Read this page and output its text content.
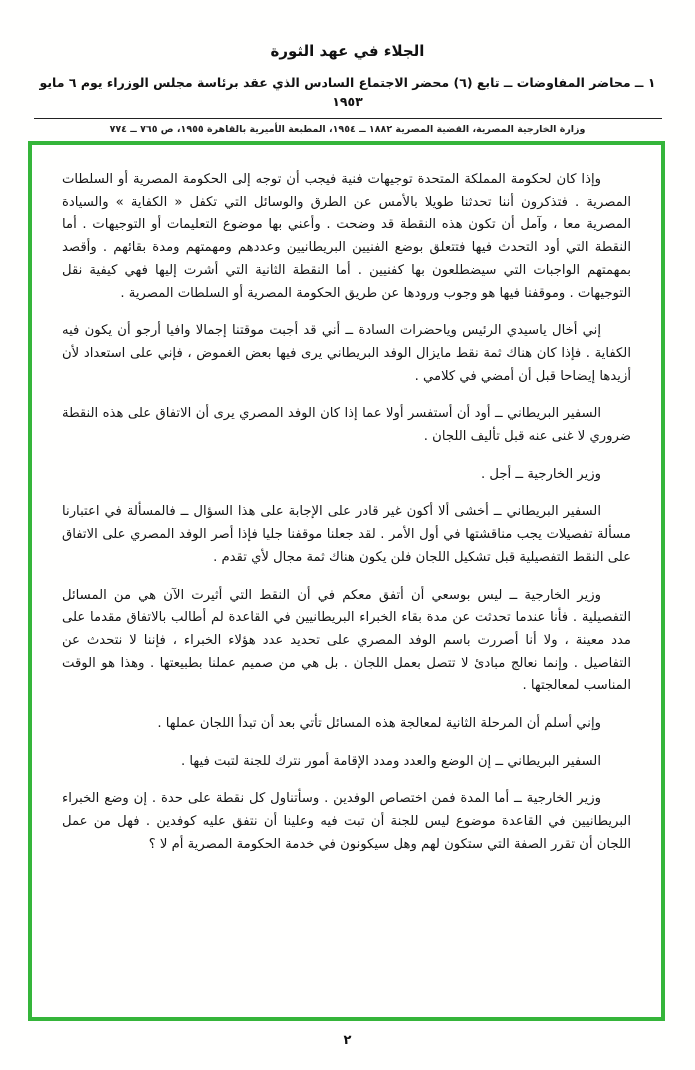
الجلاء في عهد الثورة
١ ــ محاضر المفاوضات ــ تابع (٦) محضر الاجتماع السادس الذي عقد برئاسة مجلس الوزراء يوم ٦ مايو ١٩٥٣
وزارة الخارجية المصرية، القضية المصرية ١٨٨٢ ــ ١٩٥٤، المطبعة الأميرية بالقاهرة ١٩٥٥، ص ٧٦٥ ــ ٧٧٤

وإذا كان لحكومة المملكة المتحدة توجيهات فنية فيجب أن توجه إلى الحكومة المصرية أو السلطات المصرية . فتذكرون أننا تحدثنا طويلا بالأمس عن الطرق والوسائل التي تكفل « الكفاية » والسيادة المصرية معا ، وآمل أن تكون هذه النقطة قد وضحت . وأعني بها موضوع التعليمات أو التوجيهات . أما النقطة التي أود التحدث فيها فتتعلق بوضع الفنيين البريطانيين وعددهم ومهمتهم ومدة بقائهم . وأقصد بمهمتهم الواجبات التي سيضطلعون بها كفنيين . أما النقطة الثانية التي أشرت إليها فهي كيفية نقل التوجيهات . وموقفنا فيها هو وجوب ورودها عن طريق الحكومة المصرية أو السلطات المصرية .

إني أخال ياسيدي الرئيس وياحضرات السادة ــ أني قد أجبت موقتنا إجمالا وافيا أرجو أن يكون فيه الكفاية . فإذا كان هناك ثمة نقط مايزال الوفد البريطاني يرى فيها بعض الغموض ، فإني على استعداد لأن أزيدها إيضاحا قبل أن أمضي في كلامي .

السفير البريطاني ــ أود أن أستفسر أولا عما إذا كان الوفد المصري يرى أن الاتفاق على هذه النقطة ضروري لا غنى عنه قبل تأليف اللجان .

وزير الخارجية ــ أجل .

السفير البريطاني ــ أخشى ألا أكون غير قادر على الإجابة على هذا السؤال ــ فالمسألة في اعتبارنا مسألة تفصيلات يجب مناقشتها في أول الأمر . لقد جعلنا موقفنا جليا فإذا أصر الوفد المصري على الاتفاق على النقط التفصيلية قبل تشكيل اللجان فلن يكون هناك ثمة مجال لأي تقدم .

وزير الخارجية ــ ليس بوسعي أن أتفق معكم في أن النقط التي أثيرت الآن هي من المسائل التفصيلية . فأنا عندما تحدثت عن مدة بقاء الخبراء البريطانيين في القاعدة لم أطالب بالاتفاق مقدما على مدد معينة ، ولا أنا أصررت باسم الوفد المصري على تحديد عدد هؤلاء الخبراء ، فإننا لا نتحدث عن التفاصيل . وإنما نعالج مبادئ لا تتصل بعمل اللجان . بل هي من صميم عملنا بطبيعتها . وهذا هو الوقت المناسب لمعالجتها .

وإني أسلم أن المرحلة الثانية لمعالجة هذه المسائل تأتي بعد أن تبدأ اللجان عملها .

السفير البريطاني ــ إن الوضع والعدد ومدد الإقامة أمور نترك للجنة لتبت فيها .

وزير الخارجية ــ أما المدة فمن اختصاص الوفدين . وسأتناول كل نقطة على حدة . إن وضع الخبراء البريطانيين في القاعدة موضوع ليس للجنة أن تبت فيه وعلينا أن نتفق عليه كوفدين . فهل من عمل اللجان أن تقرر الصفة التي ستكون لهم وهل سيكونون في خدمة الحكومة المصرية أم لا ؟

٢
